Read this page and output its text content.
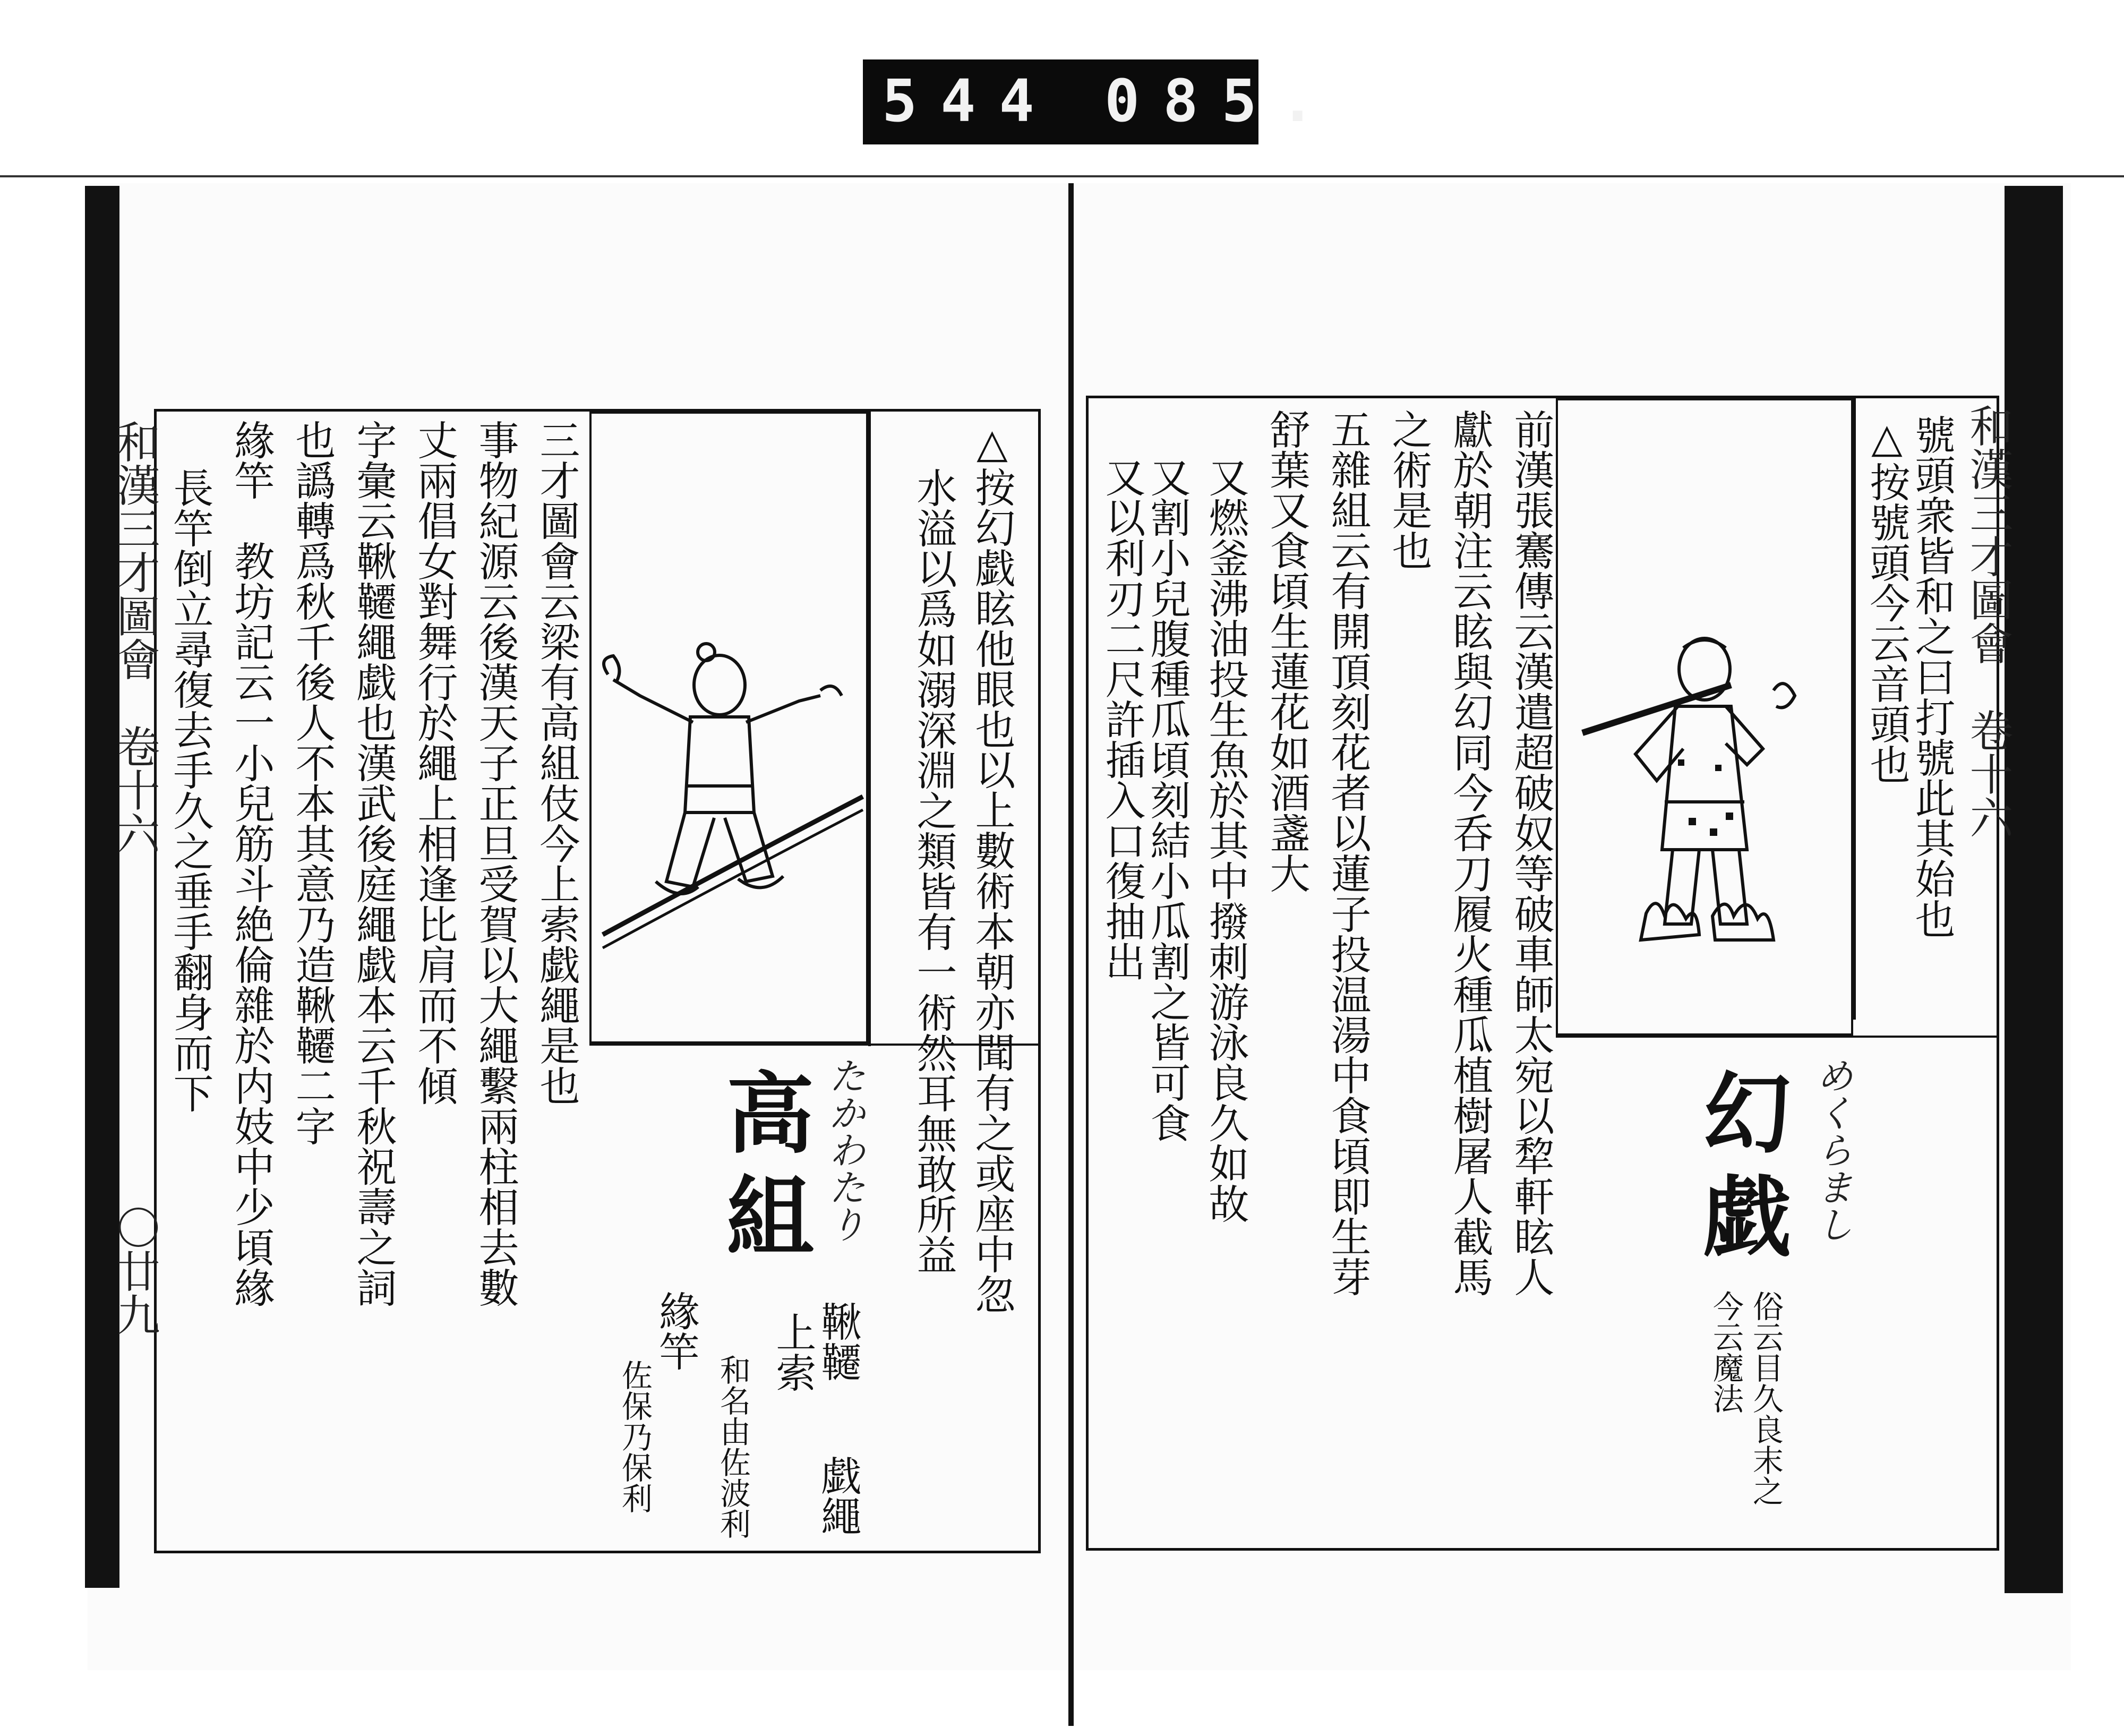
544 085.
和漢三才圖會　卷十六
號頭衆皆和之曰打號此其始也
△按號頭今云音頭也
幻戯 めくらまし
俗云目久良末之
今云魔法
前漢張騫傳云漢遣超破奴等破車師太宛以犂軒眩人
獻於朝注云眩與幻同今呑刀履火種瓜植樹屠人截馬
之術是也
五雜組云有開頂刻花者以蓮子投温湯中食頃即生芽
舒葉又食頃生蓮花如酒盞大
又燃釜沸油投生魚於其中撥刺游泳良久如故
又割小兒腹種瓜頃刻結小瓜割之皆可食
又以利刃二尺許插入口復抽出
和漢三才圖會　卷十六
〇廿九	△按幻戯眩他眼也以上數術本朝亦聞有之或座中忽
水溢以爲如溺深淵之類皆有一術然耳無敢所益
高組 たかわたり
鞦韆
戯繩
上索
和名由佐波利
緣竿
佐保乃保利
三才圖會云梁有高組伎今上索戯繩是也
事物紀源云後漢天子正旦受賀以大繩繫兩柱相去數
丈兩倡女對舞行於繩上相逢比肩而不傾
字彙云鞦韆繩戯也漢武後庭繩戯本云千秋祝壽之詞
也譌轉爲秋千後人不本其意乃造鞦韆二字
緣竿　教坊記云一小兒筋斗絶倫雜於内妓中少頃緣
長竿倒立尋復去手久之垂手翻身而下
